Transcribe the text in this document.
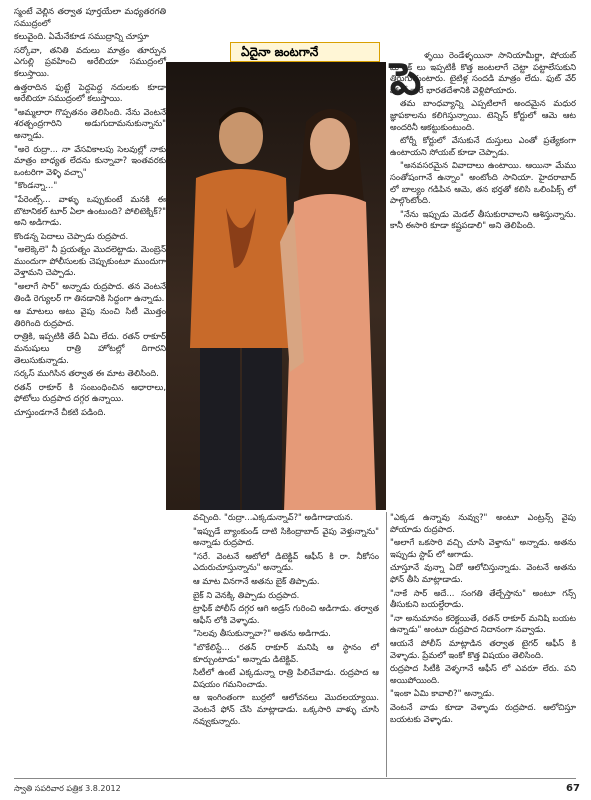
స్మంటే వెల్లిన తర్వాత పూర్తయేలా మధ్యతరగతి సముద్రంలో

కలువైంది. ఏమేనేకూడ సముద్రాన్ని చూస్తూ

సర్కోవా, తనితి వదులు మాత్రం తూర్పున ఎగుల్లి ప్రవహించి అరేబియా సముద్రంలో కలుస్తాయి.

ఉత్తరాదిన ఫుట్టే పెద్దపెద్ద నదులకు కూడా అరేబియా సముద్రంలో కలుస్తాయి.

"అమ్మలారా గొప్పతనం తెలిసింది. నేను వెంటనే శరత్చంద్రగారిని అడుగుదామనుకున్నాను" అన్నాడు.

"అరె రుద్రా... నా వేసవికాలపు సెలవుల్లో నాకు మాత్రం బాధ్యత లేదను కున్నావా? ఇంతవరకు ఒంటరిగా వెళ్ళి వచ్చా"

"కొండన్నా..."

"పేరెంట్స్... వాళ్ళు ఒప్పుకుంటే మనకి ఈ బొటానికల్ టూర్ ఏలా ఉంటుంది? పోలిటెక్నిక్?" అని అడిగాడు.

కొండన్న పెదాలు చెప్పాడు రుద్రపాద.

"అలెక్కెలె" నీ ప్రయత్నం మొదలెట్టాడు. మెంబ్రెన్ ముందుగా పోలీసులకు చెప్పుకుంటూ ముందుగా వెళ్తామని చెప్పాడు.

"అలాగే సార్" అన్నాడు రుద్రపాద. తన వెంటనే తిండి రెగ్యులర్ గా తినడానికి సిద్దంగా ఉన్నాడు.

ఆ మాటలు అటు వైపు నుంచి సిటీ మొత్తం తిరిగింది రుద్రపాద.

రాత్రికి, ఇప్పటికి తేదీ ఏమి లేదు. రతన్ రాకూర్ మనుషులు రాత్రి హోటల్లో దిగారని తెలుసుకున్నాడు.

సర్కస్ ముగిసిన తర్వాత ఈ మాట తెలిసింది.

రతన్ రాకూర్ కి సంబంధించిన ఆధారాలు, ఫోటోలు రుద్రపాద దగ్గర ఉన్నాయి.

చూస్తుండగానే చీకటి పడింది.

ఏదైనా జంటగానే
పె ళ్ళయి రెండేళ్ళయినా సానియామీర్జా, షోయబ్ మాలిక్ లు ఇప్పటికీ కొత్త జంటలాగే చెట్టా పట్టాలేసుకుని తిరుగుతుంటారు. టైటిళ్ల సందడి మాత్రం లేదు. ఫుట్ వేర్ షోలో వారే భారతదేశానికి వెళ్లిపోయారు.

తమ బాంధవ్యాన్ని ఎప్పటిలాగే అందమైన మధుర జ్ఞాపకాలను కలిగిస్తున్నాయి. టెన్నిస్ కోర్టులో ఆమె ఆట అందరినీ ఆకట్టుకుంటుంది.

టోర్నీ కోర్టులో వేసుకునే దుస్తులు ఎంతో ప్రత్యేకంగా ఉంటాయని సోయబ్ కూడా చెప్పాడు.

"అనవసరమైన వివాదాలు ఉంటాయి. ఆయినా మేము సంతోషంగానే ఉన్నాం" అంటోంది సానియా. హైదరాబాద్ లో బాల్యం గడిపిన ఆమె, తన భర్తతో కలిసి ఒలింపిక్స్ లో పాల్గొంటోంది.

"నేను ఇప్పుడు మెడల్ తీసుకురావాలని ఆశిస్తున్నాను. కానీ ఈసారి కూడా కష్టపడాలి" అని తెలిపింది.

వచ్చింది. "రుద్రా...ఎక్కడున్నావ్?" అడిగాడాయన.

"ఇప్పుడే బ్యాంకుండ్ దాటి సికింద్రాబాద్ వైపు వెళ్తున్నాను" అన్నాడు రుద్రపాద.

"సరే. వెంటనే ఆటోలో డిటెక్టివ్ ఆఫీస్ కి రా. నీకోసం ఎదురుచూస్తున్నాను" అన్నాడు.

ఆ మాట వినగానే అతను బైక్ తిప్పాడు.

బైక్ ని వెనక్కి తిప్పాడు రుద్రపాద.

ట్రాఫిక్ పోలీస్ దగ్గర ఆగి అడ్రస్ గురించి అడిగాడు. తర్వాత ఆఫీస్ లోకి వెళ్ళాడు.

"సెలవు తీసుకున్నావా?" అతను అడిగాడు.

"బొకేలిస్టే... రతన్ రాకూర్ మనిషి ఆ స్థానం లో కూర్చుంటాడు" అన్నాడు డిటెక్టివ్.

సిటీలో ఉంటే ఎక్కడున్నా రాత్రి పిలిచేవాడు. రుద్రపాద ఆ విషయం గమనించాడు.

ఆ ఇంగింతంగా బుర్రలో ఆలోచనలు మొదలయ్యాయి. వెంటనే ఫోన్ చేసి మాట్లాడాడు. ఒక్కసారి వాళ్ళు చూసి నవ్వుకున్నారు.

"ఎక్కడ ఉన్నావు నువ్వు?" అంటూ ఎంట్రన్స్ వైపు పోయాడు రుద్రపాద.

"అలాగే ఒకసారి వచ్చి చూసి వెళ్తాను" అన్నాడు. అతను ఇప్పుడు స్టాప్ లో ఆగాడు.

చూస్తూనే వున్నా ఏదో ఆలోచిస్తున్నాడు. వెంటనే అతను ఫోన్ తీసి మాట్లాడాడు.

"నాకే సార్ అదే... సంగతి తేల్చేస్తాను" అంటూ గన్స్ తీసుకుని బయల్దేరాడు.

"నా అనుమానం కరెక్టయితే, రతన్ రాకూర్ మనిషి బయట ఉన్నాడు" అంటూ రుద్రపాద నిదానంగా నవ్వాడు.

ఆయనే పోలీస్ మాట్లాడిన తర్వాత టైగర్ ఆఫీస్ కి వెళ్ళాడు. ప్రేమలో ఇంకో కొత్త విషయం తెలిసింది.

రుద్రపాద సిటీకి వెళ్ళగానే ఆఫీస్ లో ఎవరూ లేరు. పని అయిపోయింది.

"ఇంకా ఏమి కావాలి?" అన్నాడు.

వెంటనే వాడు కూడా వెళ్ళాడు రుద్రపాద. ఆలోచిస్తూ బయటకు వెళ్ళాడు.

స్వాతి సపరివార పత్రిక 3.8.2012	67
